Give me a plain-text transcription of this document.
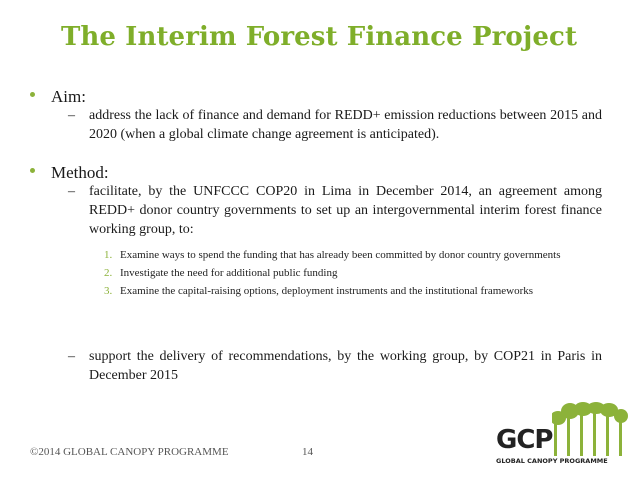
The Interim Forest Finance Project
Aim:
– address the lack of finance and demand for REDD+ emission reductions between 2015 and 2020 (when a global climate change agreement is anticipated).
Method:
– facilitate, by the UNFCCC COP20 in Lima in December 2014, an agreement among REDD+ donor country governments to set up an intergovernmental interim forest finance working group, to:
1. Examine ways to spend the funding that has already been committed by donor country governments
2. Investigate the need for additional public funding
3. Examine the capital-raising options, deployment instruments and the institutional frameworks
– support the delivery of recommendations, by the working group, by COP21 in Paris in December 2015
©2014 GLOBAL CANOPY PROGRAMME	14	GCP
GLOBAL CANOPY PROGRAMME
